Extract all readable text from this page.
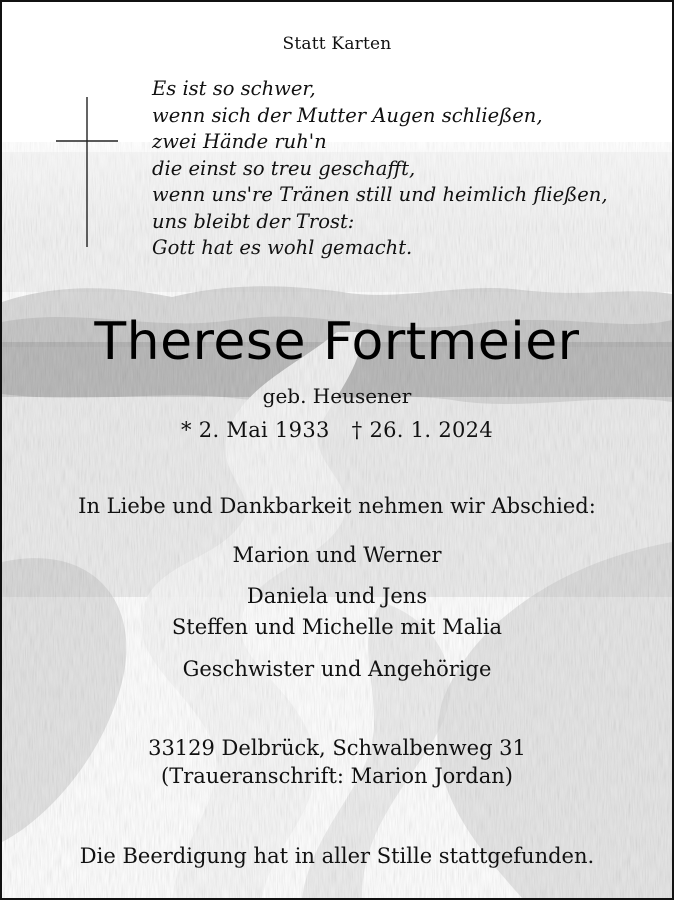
Statt Karten
Es ist so schwer,
wenn sich der Mutter Augen schließen,
zwei Hände ruh'n
die einst so treu geschafft,
wenn uns're Tränen still und heimlich fließen,
uns bleibt der Trost:
Gott hat es wohl gemacht.
Therese Fortmeier
geb. Heusener
* 2. Mai 1933 † 26. 1. 2024
In Liebe und Dankbarkeit nehmen wir Abschied:
Marion und Werner
Daniela und Jens
Steffen und Michelle mit Malia
Geschwister und Angehörige
33129 Delbrück, Schwalbenweg 31
(Traueranschrift: Marion Jordan)
Die Beerdigung hat in aller Stille stattgefunden.
